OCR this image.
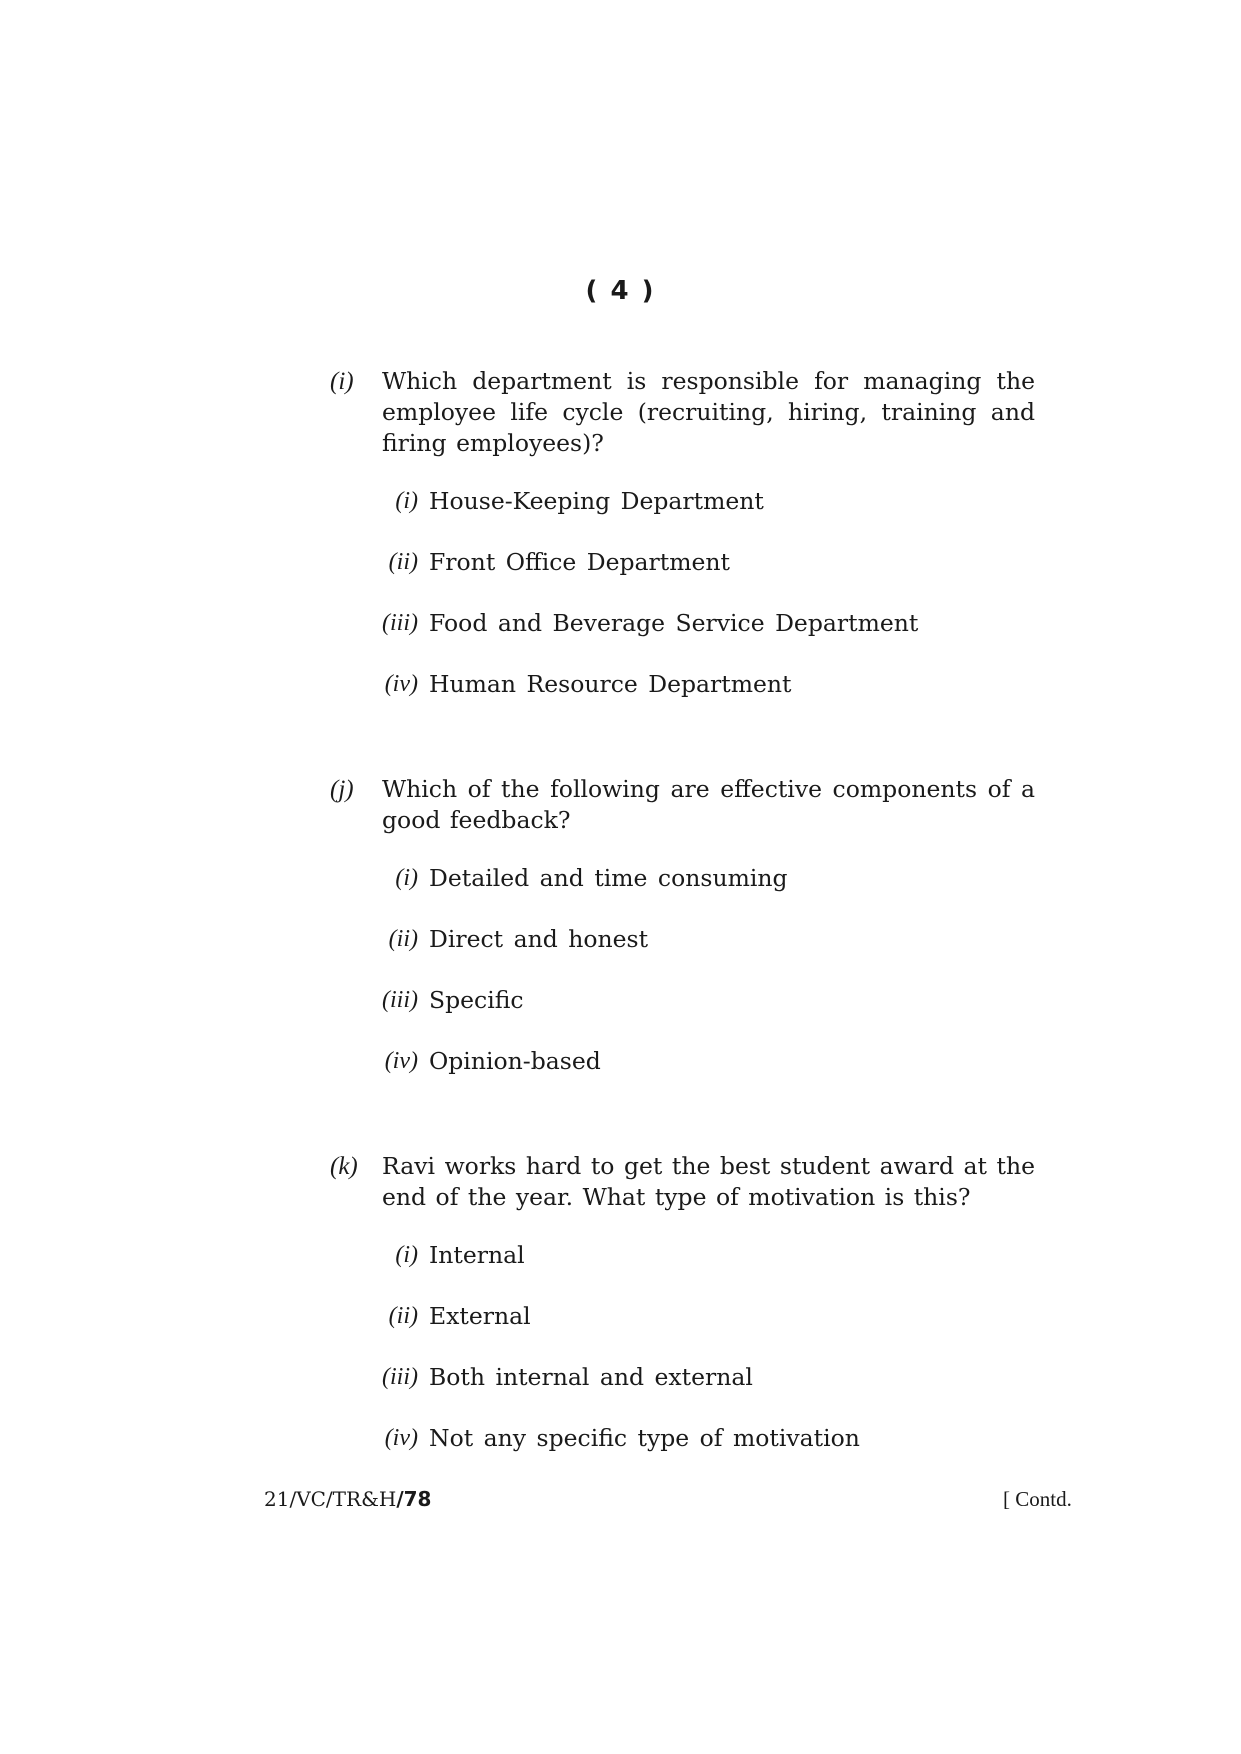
( 4 )
(i) Which department is responsible for managing the employee life cycle (recruiting, hiring, training and firing employees)?
(i) House-Keeping Department
(ii) Front Office Department
(iii) Food and Beverage Service Department
(iv) Human Resource Department
(j) Which of the following are effective components of a good feedback?
(i) Detailed and time consuming
(ii) Direct and honest
(iii) Specific
(iv) Opinion-based
(k) Ravi works hard to get the best student award at the end of the year. What type of motivation is this?
(i) Internal
(ii) External
(iii) Both internal and external
(iv) Not any specific type of motivation
21/VC/TR&H/78	[ Contd.
